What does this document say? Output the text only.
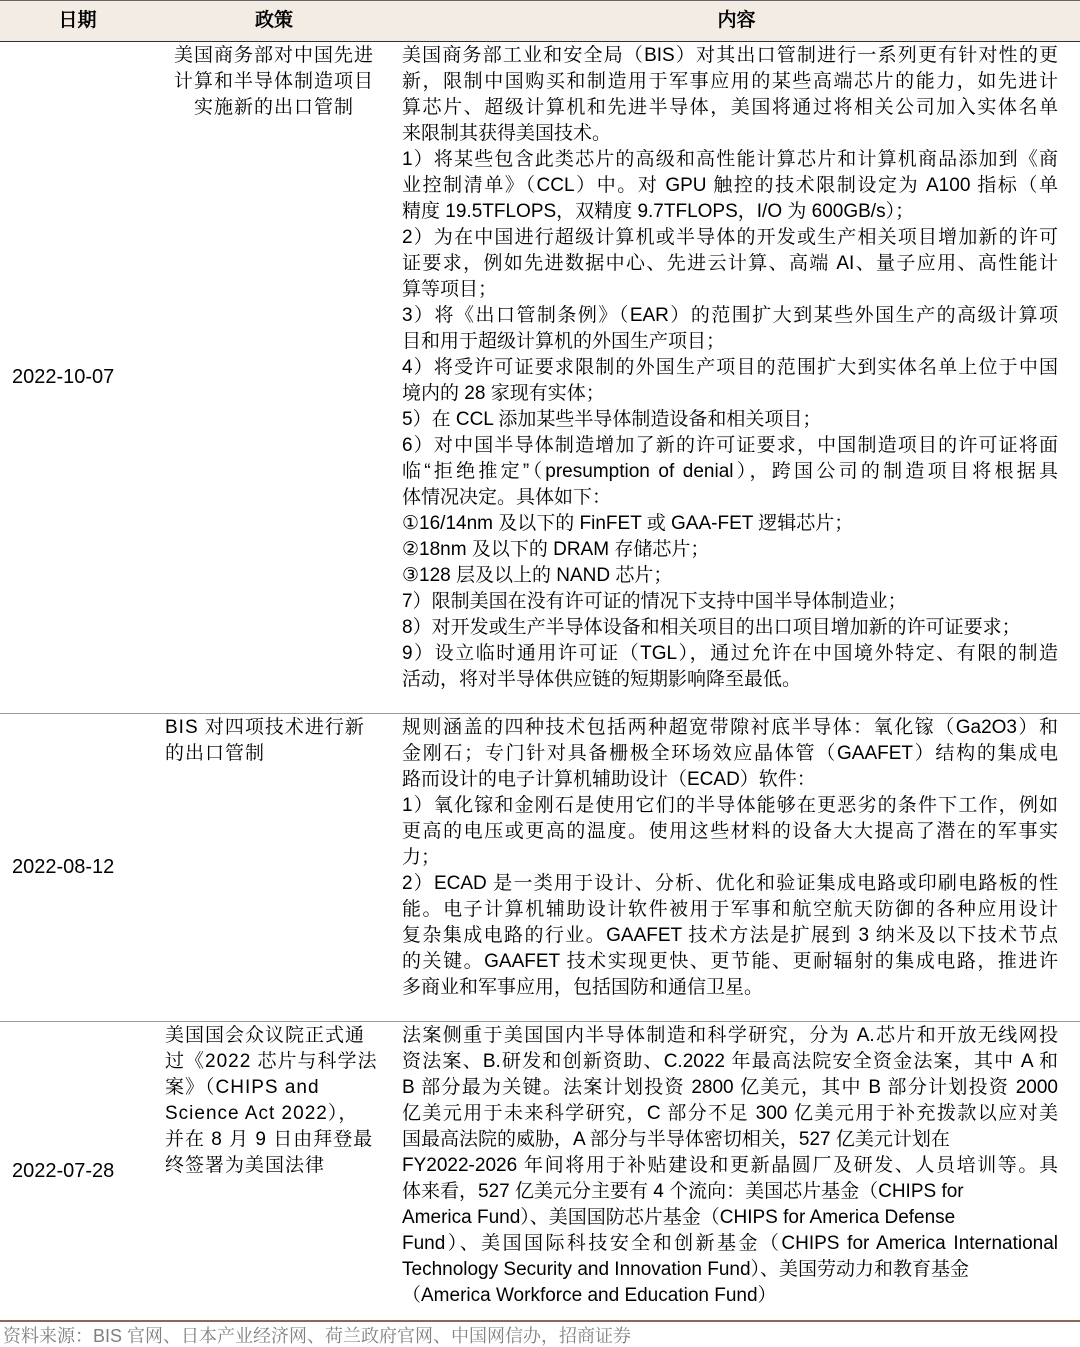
日期	政策	内容
2022-10-07
美国商务部对中国先进
计算和半导体制造项目
实施新的出口管制
美国商务部工业和安全局（BIS）对其出口管制进行一系列更有针对性的更
新，限制中国购买和制造用于军事应用的某些高端芯片的能力，如先进计
算芯片、超级计算机和先进半导体，美国将通过将相关公司加入实体名单
来限制其获得美国技术。
1）将某些包含此类芯片的高级和高性能计算芯片和计算机商品添加到《商
业控制清单》（CCL）中。对 GPU 触控的技术限制设定为 A100 指标（单
精度 19.5TFLOPS，双精度 9.7TFLOPS，I/O 为 600GB/s）；
2）为在中国进行超级计算机或半导体的开发或生产相关项目增加新的许可
证要求，例如先进数据中心、先进云计算、高端 AI、量子应用、高性能计
算等项目；
3）将《出口管制条例》（EAR）的范围扩大到某些外国生产的高级计算项
目和用于超级计算机的外国生产项目；
4）将受许可证要求限制的外国生产项目的范围扩大到实体名单上位于中国
境内的 28 家现有实体；
5）在 CCL 添加某些半导体制造设备和相关项目；
6）对中国半导体制造增加了新的许可证要求，中国制造项目的许可证将面
临“拒绝推定”（presumption of denial），跨国公司的制造项目将根据具
体情况决定。具体如下：
①16/14nm 及以下的 FinFET 或 GAA-FET 逻辑芯片；
②18nm 及以下的 DRAM 存储芯片；
③128 层及以上的 NAND 芯片；
7）限制美国在没有许可证的情况下支持中国半导体制造业；
8）对开发或生产半导体设备和相关项目的出口项目增加新的许可证要求；
9）设立临时通用许可证（TGL），通过允许在中国境外特定、有限的制造
活动，将对半导体供应链的短期影响降至最低。
2022-08-12
BIS 对四项技术进行新
的出口管制
规则涵盖的四种技术包括两种超宽带隙衬底半导体：氧化镓（Ga2O3）和
金刚石；专门针对具备栅极全环场效应晶体管（GAAFET）结构的集成电
路而设计的电子计算机辅助设计（ECAD）软件：
1）氧化镓和金刚石是使用它们的半导体能够在更恶劣的条件下工作，例如
更高的电压或更高的温度。使用这些材料的设备大大提高了潜在的军事实
力；
2）ECAD 是一类用于设计、分析、优化和验证集成电路或印刷电路板的性
能。电子计算机辅助设计软件被用于军事和航空航天防御的各种应用设计
复杂集成电路的行业。GAAFET 技术方法是扩展到 3 纳米及以下技术节点
的关键。GAAFET 技术实现更快、更节能、更耐辐射的集成电路，推进许
多商业和军事应用，包括国防和通信卫星。
2022-07-28
美国国会众议院正式通
过《2022 芯片与科学法
案》（CHIPS and
Science Act 2022），
并在 8 月 9 日由拜登最
终签署为美国法律
法案侧重于美国国内半导体制造和科学研究，分为 A.芯片和开放无线网投
资法案、B.研发和创新资助、C.2022 年最高法院安全资金法案，其中 A 和
B 部分最为关键。法案计划投资 2800 亿美元，其中 B 部分计划投资 2000
亿美元用于未来科学研究，C 部分不足 300 亿美元用于补充拨款以应对美
国最高法院的威胁，A 部分与半导体密切相关，527 亿美元计划在
FY2022-2026 年间将用于补贴建设和更新晶圆厂及研发、人员培训等。具
体来看，527 亿美元分主要有 4 个流向：美国芯片基金（CHIPS for
America Fund）、美国国防芯片基金（CHIPS for America Defense
Fund）、美国国际科技安全和创新基金（CHIPS for America International
Technology Security and Innovation Fund）、美国劳动力和教育基金
（America Workforce and Education Fund）
资料来源：BIS 官网、日本产业经济网、荷兰政府官网、中国网信办，招商证券
